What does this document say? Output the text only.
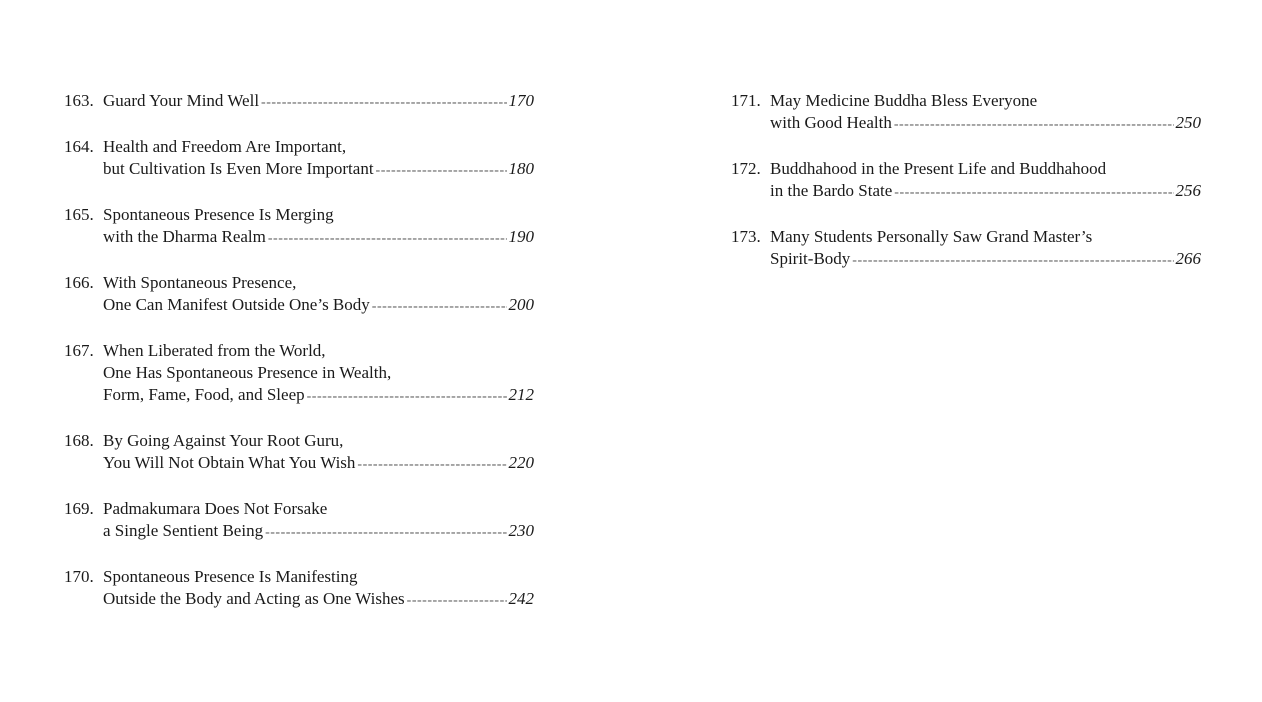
163. Guard Your Mind Well -----	170
164. Health and Freedom Are Important,
but Cultivation Is Even More Important -----	180
165. Spontaneous Presence Is Merging
with the Dharma Realm -----	190
166. With Spontaneous Presence,
One Can Manifest Outside One’s Body -----	200
167. When Liberated from the World,
One Has Spontaneous Presence in Wealth,
Form, Fame, Food, and Sleep -----	212
168. By Going Against Your Root Guru,
You Will Not Obtain What You Wish -----	220
169. Padmakumara Does Not Forsake
a Single Sentient Being -----	230
170. Spontaneous Presence Is Manifesting
Outside the Body and Acting as One Wishes -----	242
171. May Medicine Buddha Bless Everyone
with Good Health -----	250
172. Buddhahood in the Present Life and Buddhahood
in the Bardo State -----	256
173. Many Students Personally Saw Grand Master’s
Spirit-Body -----	266
